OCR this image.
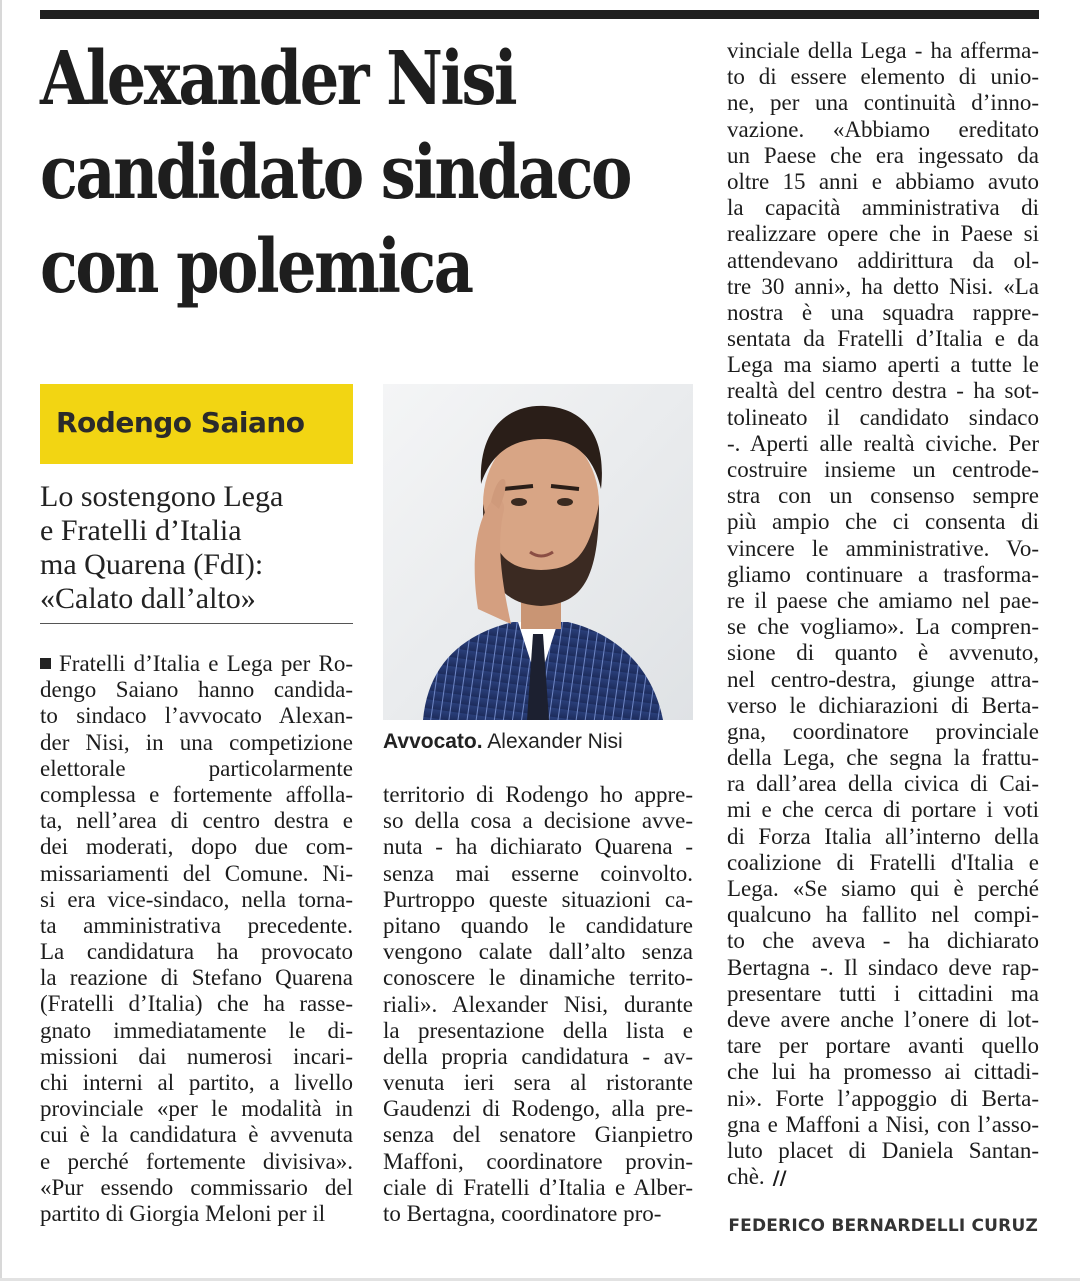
Alexander Nisi
candidato sindaco
con polemica
Rodengo Saiano
Lo sostengono Lega
e Fratelli d’Italia
ma Quarena (FdI):
«Calato dall’alto»
Fratelli d’Italia e Lega per Ro-
dengo Saiano hanno candida-
to sindaco l’avvocato Alexan-
der Nisi, in una competizione
elettorale particolarmente
complessa e fortemente affolla-
ta, nell’area di centro destra e
dei moderati, dopo due com-
missariamenti del Comune. Ni-
si era vice-sindaco, nella torna-
ta amministrativa precedente.
La candidatura ha provocato
la reazione di Stefano Quarena
(Fratelli d’Italia) che ha rasse-
gnato immediatamente le di-
missioni dai numerosi incari-
chi interni al partito, a livello
provinciale «per le modalità in
cui è la candidatura è avvenuta
e perché fortemente divisiva».
«Pur essendo commissario del
partito di Giorgia Meloni per il
Avvocato. Alexander Nisi
territorio di Rodengo ho appre-
so della cosa a decisione avve-
nuta - ha dichiarato Quarena -
senza mai esserne coinvolto.
Purtroppo queste situazioni ca-
pitano quando le candidature
vengono calate dall’alto senza
conoscere le dinamiche territo-
riali». Alexander Nisi, durante
la presentazione della lista e
della propria candidatura - av-
venuta ieri sera al ristorante
Gaudenzi di Rodengo, alla pre-
senza del senatore Gianpietro
Maffoni, coordinatore provin-
ciale di Fratelli d’Italia e Alber-
to Bertagna, coordinatore pro-
vinciale della Lega - ha afferma-
to di essere elemento di unio-
ne, per una continuità d’inno-
vazione. «Abbiamo ereditato
un Paese che era ingessato da
oltre 15 anni e abbiamo avuto
la capacità amministrativa di
realizzare opere che in Paese si
attendevano addirittura da ol-
tre 30 anni», ha detto Nisi. «La
nostra è una squadra rappre-
sentata da Fratelli d’Italia e da
Lega ma siamo aperti a tutte le
realtà del centro destra - ha sot-
tolineato il candidato sindaco
-. Aperti alle realtà civiche. Per
costruire insieme un centrode-
stra con un consenso sempre
più ampio che ci consenta di
vincere le amministrative. Vo-
gliamo continuare a trasforma-
re il paese che amiamo nel pae-
se che vogliamo». La compren-
sione di quanto è avvenuto,
nel centro-destra, giunge attra-
verso le dichiarazioni di Berta-
gna, coordinatore provinciale
della Lega, che segna la frattu-
ra dall’area della civica di Cai-
mi e che cerca di portare i voti
di Forza Italia all’interno della
coalizione di Fratelli d'Italia e
Lega. «Se siamo qui è perché
qualcuno ha fallito nel compi-
to che aveva - ha dichiarato
Bertagna -. Il sindaco deve rap-
presentare tutti i cittadini ma
deve avere anche l’onere di lot-
tare per portare avanti quello
che lui ha promesso ai cittadi-
ni». Forte l’appoggio di Berta-
gna e Maffoni a Nisi, con l’asso-
luto placet di Daniela Santan-
chè. //
FEDERICO BERNARDELLI CURUZ
